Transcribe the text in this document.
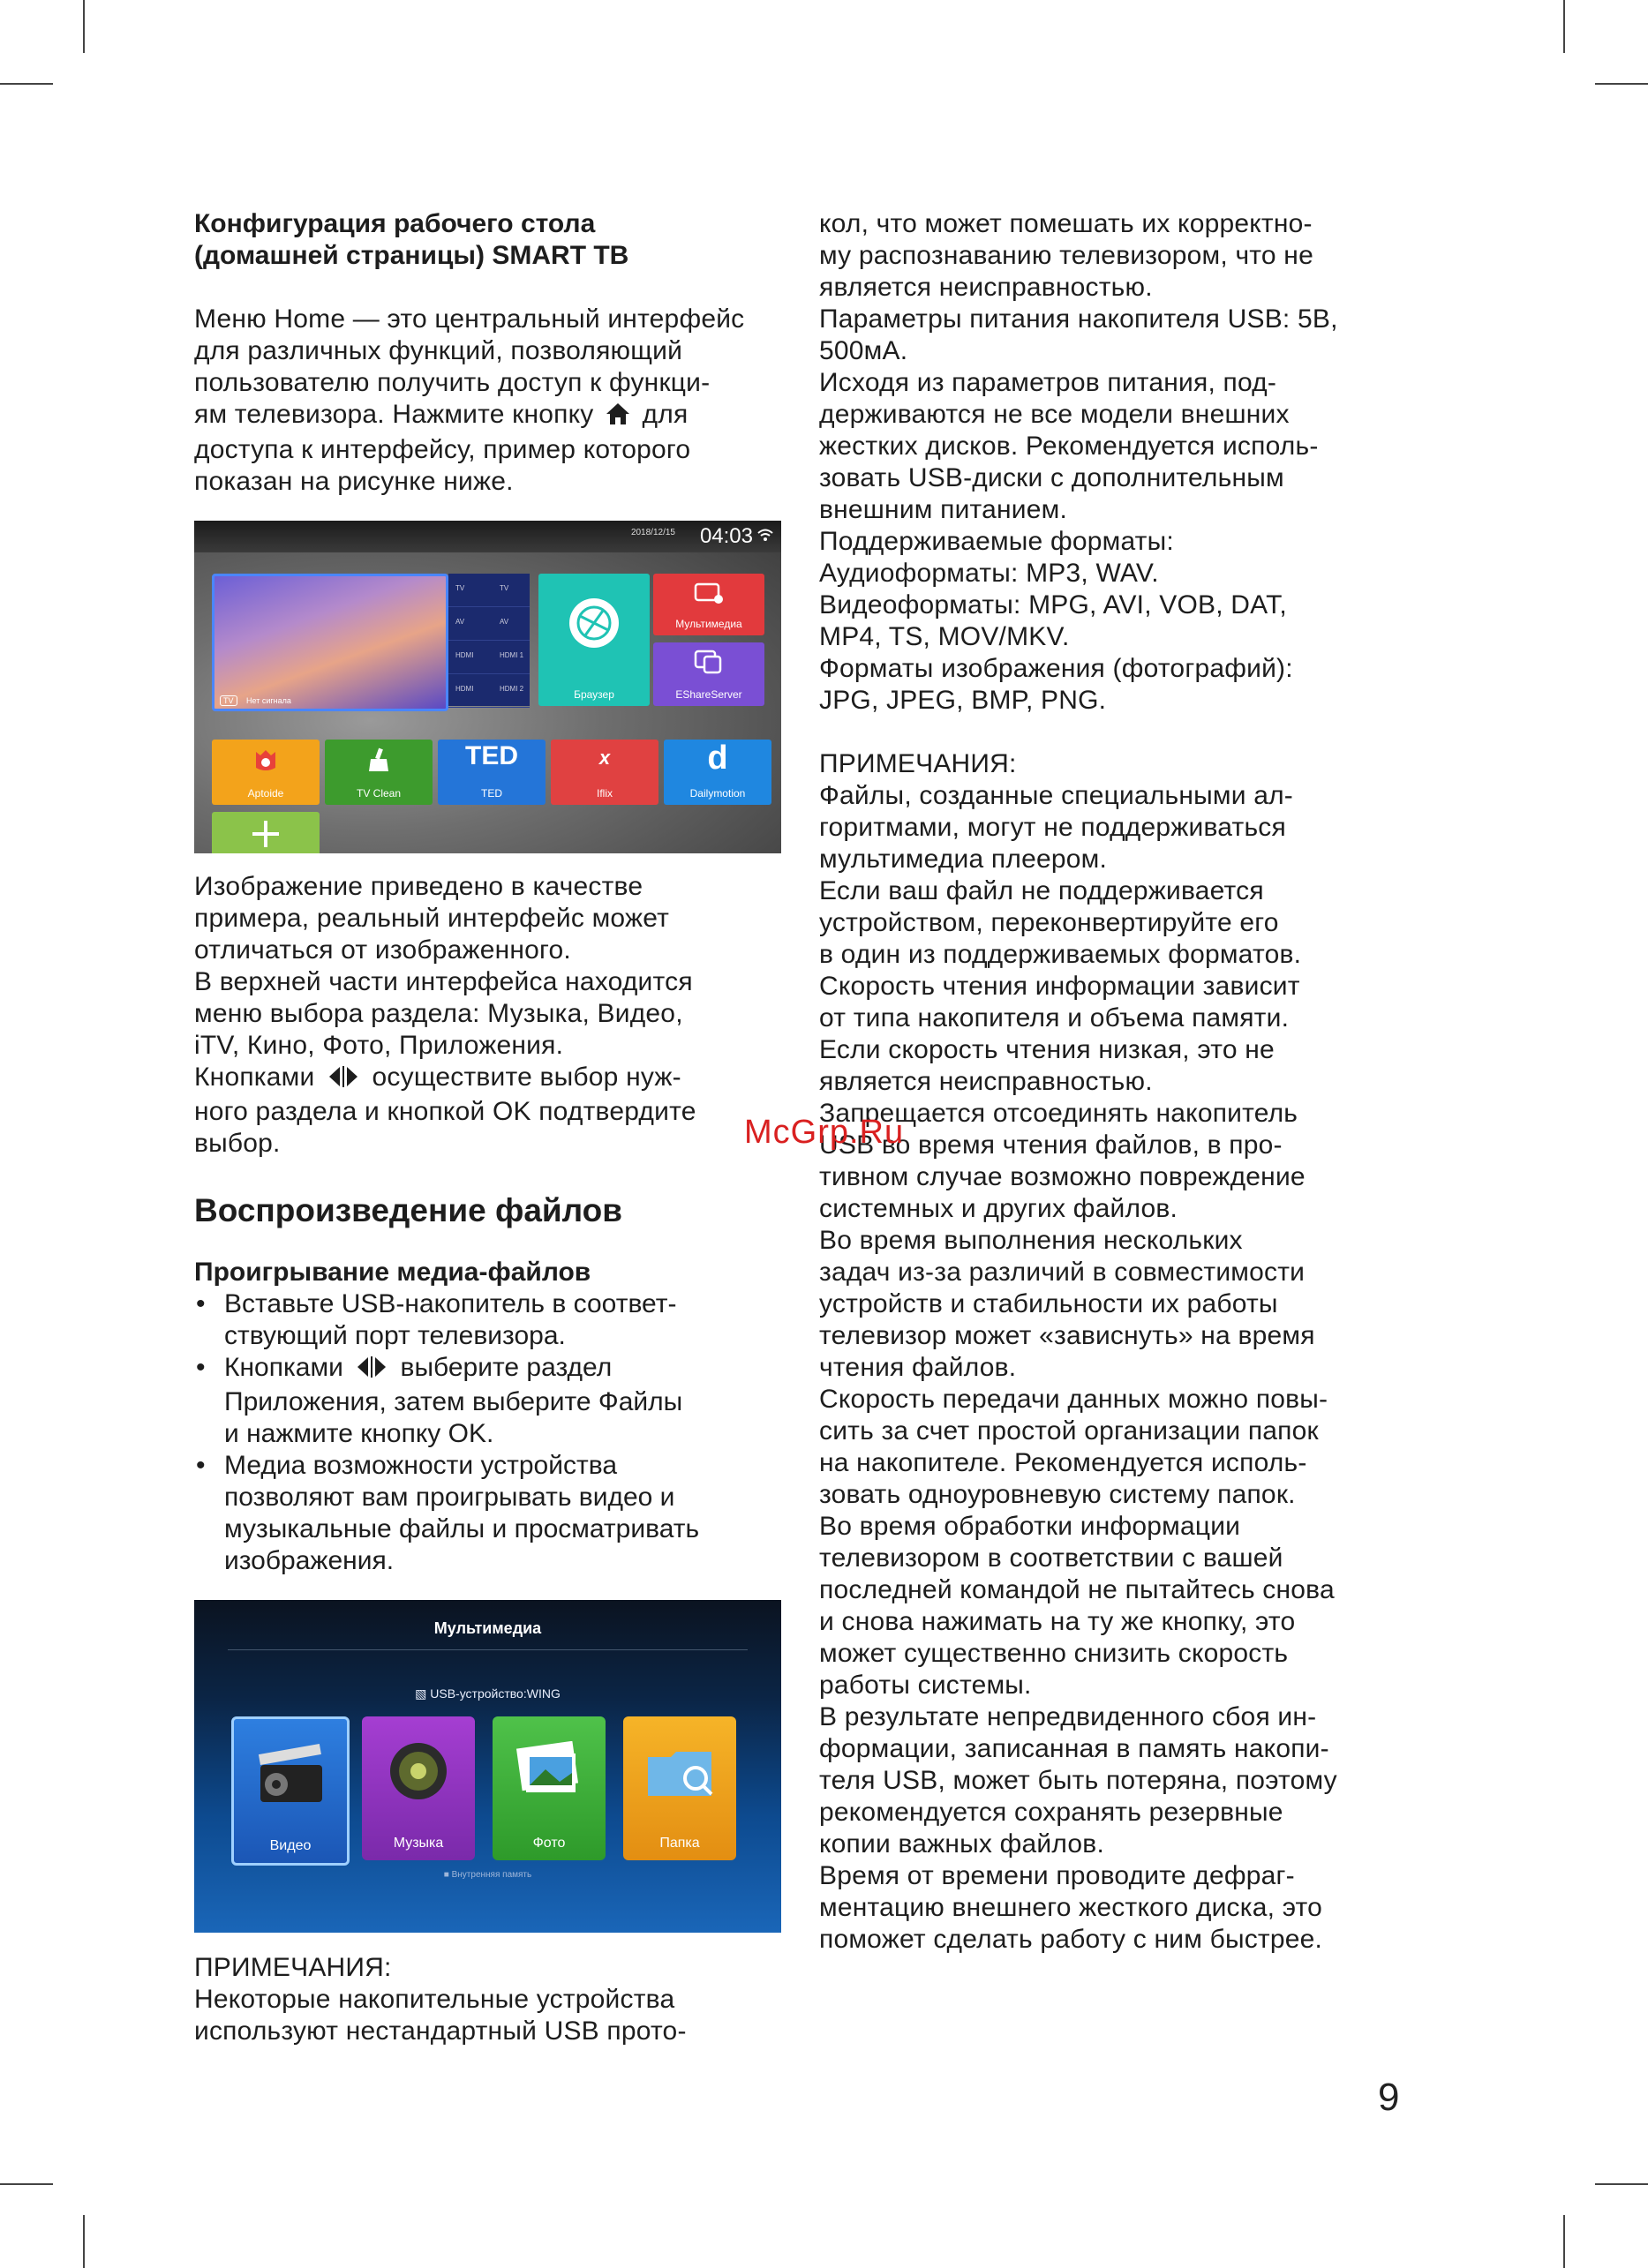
Конфигурация рабочего стола

(домашней страницы) SMART ТВ

Меню Home — это центральный интерфейс

для различных функций, позволяющий

пользователю получить доступ к функци-

ям телевизора. Нажмите кнопку для

доступа к интерфейсу, пример которого

показан на рисунке ниже.

2018/12/15 04:03
TV Нет сигнала
TV	TV
AV	AV
HDMI	HDMI 1
HDMI	HDMI 2	Браузер
Мультимедиа
EShareServer
Aptoide	TV Clean
TED
TED
x
Iflix
d
Dailymotion

Изображение приведено в качестве

примера, реальный интерфейс может

отличаться от изображенного.

В верхней части интерфейса находится

меню выбора раздела: Музыка, Видео,

iTV, Кино, Фото, Приложения.

Кнопками осуществите выбор нуж-

ного раздела и кнопкой OK подтвердите

выбор.

Воспроизведение файлов

Проигрывание медиа-файлов

• Вставьте USB-накопитель в соответ-
ствующий порт телевизора.
• Кнопками выберите раздел
Приложения, затем выберите Файлы
и нажмите кнопку OK.
• Медиа возможности устройства
позволяют вам проигрывать видео и
музыкальные файлы и просматривать
изображения.
Мультимедиа
▧ USB-устройство:WING
Видео	Музыка	Фото	Папка
■ Внутренняя память

ПРИМЕЧАНИЯ:

Некоторые накопительные устройства

используют нестандартный USB прото-

кол, что может помешать их корректно-

му распознаванию телевизором, что не

является неисправностью.

Параметры питания накопителя USB: 5В,

500мА.

Исходя из параметров питания, под-

держиваются не все модели внешних

жестких дисков. Рекомендуется исполь-

зовать USB-диски с дополнительным

внешним питанием.

Поддерживаемые форматы:

Аудиоформаты: MP3, WAV.

Видеоформаты: MPG, AVI, VOB, DAT,

MP4, TS, MOV/MKV.

Форматы изображения (фотографий):

JPG, JPEG, BMP, PNG.

ПРИМЕЧАНИЯ:

Файлы, созданные специальными ал-

горитмами, могут не поддерживаться

мультимедиа плеером.

Если ваш файл не поддерживается

устройством, переконвертируйте его

в один из поддерживаемых форматов.

Скорость чтения информации зависит

от типа накопителя и объема памяти.

Если скорость чтения низкая, это не

является неисправностью.

Запрещается отсоединять накопитель

USB во время чтения файлов, в про-

тивном случае возможно повреждение

системных и других файлов.

Во время выполнения нескольких

задач из-за различий в совместимости

устройств и стабильности их работы

телевизор может «зависнуть» на время

чтения файлов.

Скорость передачи данных можно повы-

сить за счет простой организации папок

на накопителе. Рекомендуется исполь-

зовать одноуровневую систему папок.

Во время обработки информации

телевизором в соответствии с вашей

последней командой не пытайтесь снова

и снова нажимать на ту же кнопку, это

может существенно снизить скорость

работы системы.

В результате непредвиденного сбоя ин-

формации, записанная в память накопи-

теля USB, может быть потеряна, поэтому

рекомендуется сохранять резервные

копии важных файлов.

Время от времени проводите дефраг-

ментацию внешнего жесткого диска, это

поможет сделать работу с ним быстрее.

McGrp.Ru
9
